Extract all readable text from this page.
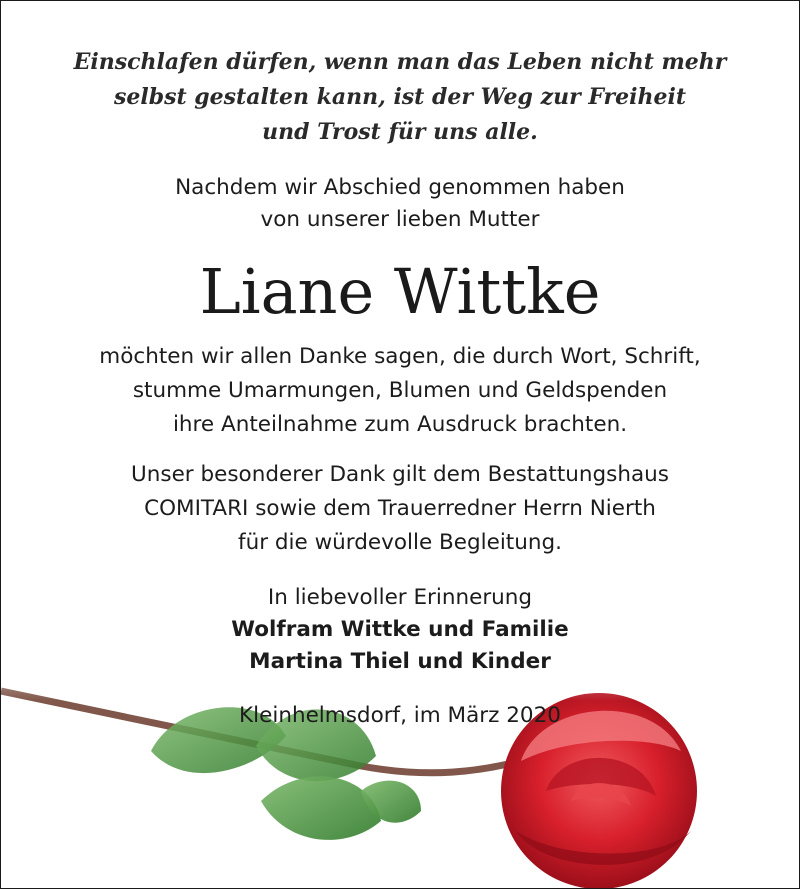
Einschlafen dürfen, wenn man das Leben nicht mehr
selbst gestalten kann, ist der Weg zur Freiheit
und Trost für uns alle.
Nachdem wir Abschied genommen haben
von unserer lieben Mutter
Liane Wittke
möchten wir allen Danke sagen, die durch Wort, Schrift,
stumme Umarmungen, Blumen und Geldspenden
ihre Anteilnahme zum Ausdruck brachten.
Unser besonderer Dank gilt dem Bestattungshaus
COMITARI sowie dem Trauerredner Herrn Nierth
für die würdevolle Begleitung.
In liebevoller Erinnerung
Wolfram Wittke und Familie
Martina Thiel und Kinder
Kleinhelmsdorf, im März 2020
